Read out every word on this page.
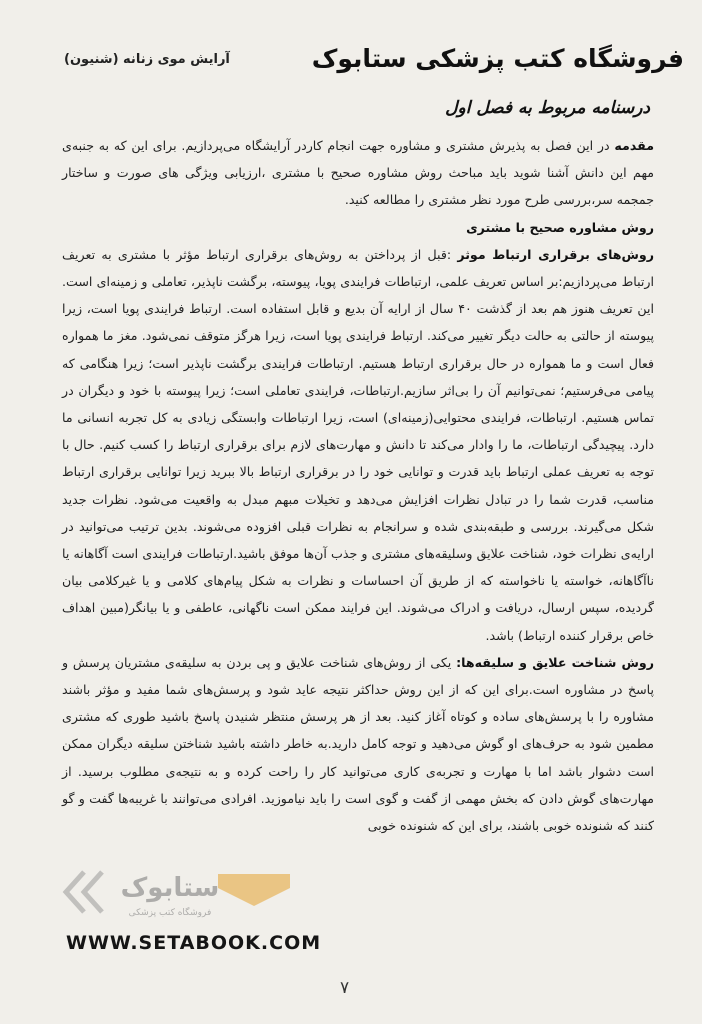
فروشگاه کتب پزشکی ستابوک
آرایش موی زنانه (شنیون)
درسنامه مربوط به فصل اول

مقدمه در این فصل به پذیرش مشتری و مشاوره جهت انجام کاردر آرایشگاه می‌پردازیم. برای این که به جنبه‌ی مهم این دانش آشنا شوید باید مباحث روش مشاوره صحیح با مشتری ،ارزیابی ویژگی های صورت و ساختار جمجمه سر،بررسی طرح مورد نظر مشتری را مطالعه کنید.

روش مشاوره صحیح با مشتری

روش‌های برقراری ارتباط موثر :قبل از پرداختن به روش‌های برقراری ارتباط مؤثر با مشتری به تعریف ارتباط می‌پردازیم:بر اساس تعریف علمی، ارتباطات فرایندی پویا، پیوسته، برگشت ناپذیر، تعاملی و زمینه‌ای است. این تعریف هنوز هم بعد از گذشت ۴۰ سال از ارایه آن بدیع و قابل استفاده است. ارتباط فرایندی پویا است، زیرا پیوسته از حالتی به حالت دیگر تغییر می‌کند. ارتباط فرایندی پویا است، زیرا هرگز متوقف نمی‌شود. مغز ما همواره فعال است و ما همواره در حال برقراری ارتباط هستیم. ارتباطات فرایندی برگشت ناپذیر است؛ زیرا هنگامی که پیامی می‌فرستیم؛ نمی‌توانیم آن را بی‌اثر سازیم.ارتباطات، فرایندی تعاملی است؛ زیرا پیوسته با خود و دیگران در تماس هستیم. ارتباطات، فرایندی محتوایی(زمینه‌ای) است، زیرا ارتباطات وابستگی زیادی به کل تجربه انسانی ما دارد. پیچیدگی ارتباطات، ما را وادار می‌کند تا دانش و مهارت‌های لازم برای برقراری ارتباط را کسب کنیم. حال با توجه به تعریف عملی ارتباط باید قدرت و توانایی خود را در برقراری ارتباط بالا ببرید زیرا توانایی برقراری ارتباط مناسب، قدرت شما را در تبادل نظرات افزایش می‌دهد و تخیلات مبهم مبدل به واقعیت می‌شود. نظرات جدید شکل می‌گیرند. بررسی و طبقه‌بندی شده و سرانجام به نظرات قبلی افزوده می‌شوند. بدین ترتیب می‌توانید در ارایه‌ی نظرات خود، شناخت علایق وسلیقه‌های مشتری و جذب آن‌ها موفق باشید.ارتباطات فرایندی است آگاهانه یا ناآگاهانه، خواسته یا ناخواسته که از طریق آن احساسات و نظرات به شکل پیام‌های کلامی و یا غیرکلامی بیان گردیده، سپس ارسال، دریافت و ادراک می‌شوند. این فرایند ممکن است ناگهانی، عاطفی و یا بیانگر(مبین اهداف خاص برقرار کننده ارتباط) باشد.

روش شناخت علایق و سلیقه‌ها: یکی از روش‌های شناخت علایق و پی بردن به سلیقه‌ی مشتریان پرسش و پاسخ در مشاوره است.برای این که از این روش حداکثر نتیجه عاید شود و پرسش‌های شما مفید و مؤثر باشند مشاوره را با پرسش‌های ساده و کوتاه آغاز کنید. بعد از هر پرسش منتظر شنیدن پاسخ باشید طوری که مشتری مطمین شود به حرف‌های او گوش می‌دهید و توجه کامل دارید.به خاطر داشته باشید شناختن سلیقه دیگران ممکن است دشوار باشد اما با مهارت و تجربه‌ی کاری می‌توانید کار را راحت کرده و به نتیجه‌ی مطلوب برسید. از مهارت‌های گوش دادن که بخش مهمی از گفت و گوی است را باید نیاموزید. افرادی می‌توانند با غریبه‌ها گفت و گو کنند که شنونده خوبی باشند، برای این که شنونده خوبی

ستابوک
فروشگاه کتب پزشکی
WWW.SETABOOK.COM
۷
